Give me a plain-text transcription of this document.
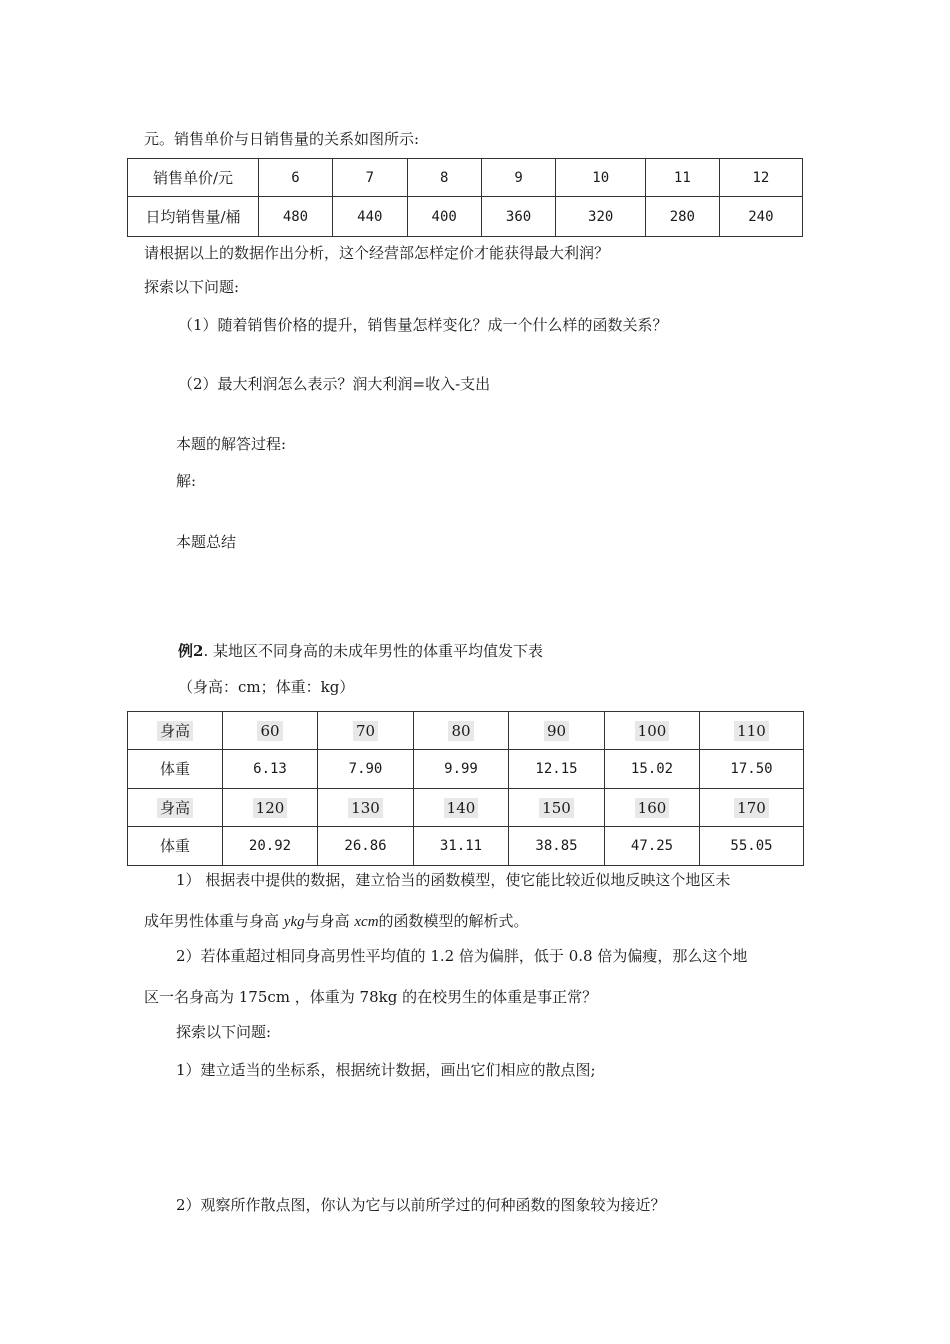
元。销售单价与日销售量的关系如图所示:
销售单价/元	6	7	8	9	10	11	12
日均销售量/桶	480	440	400	360	320	280	240
请根据以上的数据作出分析，这个经营部怎样定价才能获得最大利润？
探索以下问题:
（1）随着销售价格的提升，销售量怎样变化？成一个什么样的函数关系？
（2）最大利润怎么表示？润大利润=收入-支出
本题的解答过程:
解:
本题总结
例2. 某地区不同身高的未成年男性的体重平均值发下表
（身高：cm；体重：kg）
身高	60	70	80	90	100	110
体重	6.13	7.90	9.99	12.15	15.02	17.50
身高	120	130	140	150	160	170
体重	20.92	26.86	31.11	38.85	47.25	55.05
1） 根据表中提供的数据，建立恰当的函数模型，使它能比较近似地反映这个地区未
成年男性体重与身高 ykg与身高 xcm的函数模型的解析式。
2）若体重超过相同身高男性平均值的 1.2 倍为偏胖，低于 0.8 倍为偏瘦，那么这个地
区一名身高为 175cm ，体重为 78kg 的在校男生的体重是事正常？
探索以下问题:
1）建立适当的坐标系，根据统计数据，画出它们相应的散点图;
2）观察所作散点图，你认为它与以前所学过的何种函数的图象较为接近？
